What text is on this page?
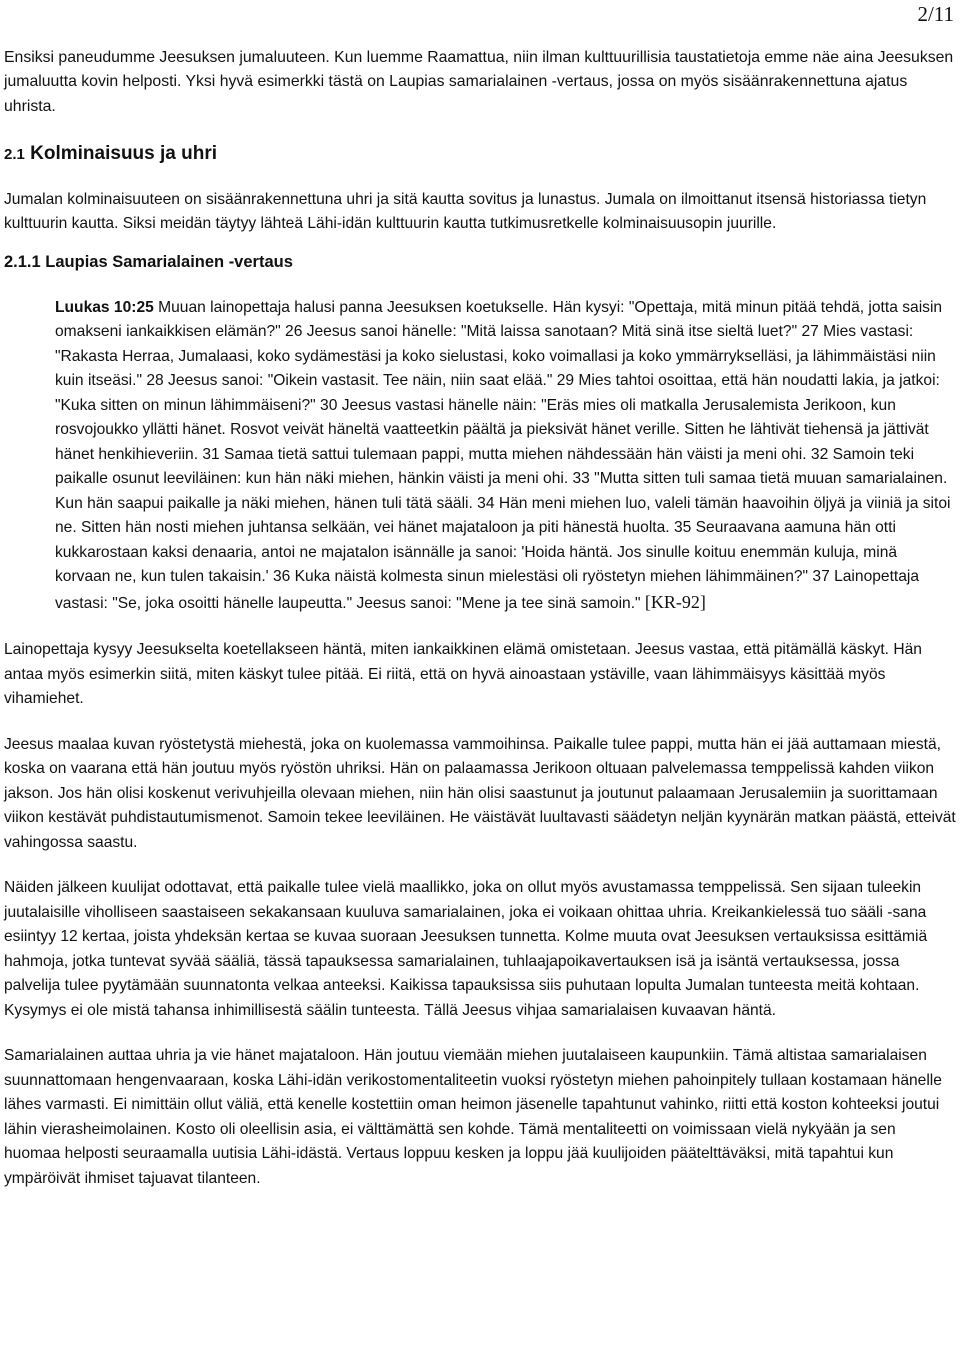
2/11

Ensiksi paneudumme Jeesuksen jumaluuteen. Kun luemme Raamattua, niin ilman kulttuurillisia taustatietoja emme näe aina Jeesuksen jumaluutta kovin helposti. Yksi hyvä esimerkki tästä on Laupias samarialainen -vertaus, jossa on myös sisäänrakennettuna ajatus uhrista.

2.1 Kolminaisuus ja uhri

Jumalan kolminaisuuteen on sisäänrakennettuna uhri ja sitä kautta sovitus ja lunastus. Jumala on ilmoittanut itsensä historiassa tietyn kulttuurin kautta. Siksi meidän täytyy lähteä Lähi-idän kulttuurin kautta tutkimusretkelle kolminaisuusopin juurille.

2.1.1 Laupias Samarialainen -vertaus

Luukas 10:25 Muuan lainopettaja halusi panna Jeesuksen koetukselle. Hän kysyi: "Opettaja, mitä minun pitää tehdä, jotta saisin omakseni iankaikkisen elämän?" 26 Jeesus sanoi hänelle: "Mitä laissa sanotaan? Mitä sinä itse sieltä luet?" 27 Mies vastasi: "Rakasta Herraa, Jumalaasi, koko sydämestäsi ja koko sielustasi, koko voimallasi ja koko ymmärrykselläsi, ja lähimmäistäsi niin kuin itseäsi." 28 Jeesus sanoi: "Oikein vastasit. Tee näin, niin saat elää." 29 Mies tahtoi osoittaa, että hän noudatti lakia, ja jatkoi: "Kuka sitten on minun lähimmäiseni?" 30 Jeesus vastasi hänelle näin: "Eräs mies oli matkalla Jerusalemista Jerikoon, kun rosvojoukko yllätti hänet. Rosvot veivät häneltä vaatteetkin päältä ja pieksivät hänet verille. Sitten he lähtivät tiehensä ja jättivät hänet henkihieveriin. 31 Samaa tietä sattui tulemaan pappi, mutta miehen nähdessään hän väisti ja meni ohi. 32 Samoin teki paikalle osunut leeviläinen: kun hän näki miehen, hänkin väisti ja meni ohi. 33 "Mutta sitten tuli samaa tietä muuan samarialainen. Kun hän saapui paikalle ja näki miehen, hänen tuli tätä sääli. 34 Hän meni miehen luo, valeli tämän haavoihin öljyä ja viiniä ja sitoi ne. Sitten hän nosti miehen juhtansa selkään, vei hänet majataloon ja piti hänestä huolta. 35 Seuraavana aamuna hän otti kukkarostaan kaksi denaaria, antoi ne majatalon isännälle ja sanoi: 'Hoida häntä. Jos sinulle koituu enemmän kuluja, minä korvaan ne, kun tulen takaisin.' 36 Kuka näistä kolmesta sinun mielestäsi oli ryöstetyn miehen lähimmäinen?" 37 Lainopettaja vastasi: "Se, joka osoitti hänelle laupeutta." Jeesus sanoi: "Mene ja tee sinä samoin." [KR-92]

Lainopettaja kysyy Jeesukselta koetellakseen häntä, miten iankaikkinen elämä omistetaan. Jeesus vastaa, että pitämällä käskyt. Hän antaa myös esimerkin siitä, miten käskyt tulee pitää. Ei riitä, että on hyvä ainoastaan ystäville, vaan lähimmäisyys käsittää myös vihamiehet.

Jeesus maalaa kuvan ryöstetystä miehestä, joka on kuolemassa vammoihinsa. Paikalle tulee pappi, mutta hän ei jää auttamaan miestä, koska on vaarana että hän joutuu myös ryöstön uhriksi. Hän on palaamassa Jerikoon oltuaan palvelemassa temppelissä kahden viikon jakson. Jos hän olisi koskenut verivuhjeilla olevaan miehen, niin hän olisi saastunut ja joutunut palaamaan Jerusalemiin ja suorittamaan viikon kestävät puhdistautumismenot. Samoin tekee leeviläinen. He väistävät luultavasti säädetyn neljän kyynärän matkan päästä, etteivät vahingossa saastu.

Näiden jälkeen kuulijat odottavat, että paikalle tulee vielä maallikko, joka on ollut myös avustamassa temppelissä. Sen sijaan tuleekin juutalaisille viholliseen saastaiseen sekakansaan kuuluva samarialainen, joka ei voikaan ohittaa uhria. Kreikankielessä tuo sääli -sana esiintyy 12 kertaa, joista yhdeksän kertaa se kuvaa suoraan Jeesuksen tunnetta. Kolme muuta ovat Jeesuksen vertauksissa esittämiä hahmoja, jotka tuntevat syvää sääliä, tässä tapauksessa samarialainen, tuhlaajapoikavertauksen isä ja isäntä vertauksessa, jossa palvelija tulee pyytämään suunnatonta velkaa anteeksi. Kaikissa tapauksissa siis puhutaan lopulta Jumalan tunteesta meitä kohtaan. Kysymys ei ole mistä tahansa inhimillisestä säälin tunteesta. Tällä Jeesus vihjaa samarialaisen kuvaavan häntä.

Samarialainen auttaa uhria ja vie hänet majataloon. Hän joutuu viemään miehen juutalaiseen kaupunkiin. Tämä altistaa samarialaisen suunnattomaan hengenvaaraan, koska Lähi-idän verikostomentaliteetin vuoksi ryöstetyn miehen pahoinpitely tullaan kostamaan hänelle lähes varmasti. Ei nimittäin ollut väliä, että kenelle kostettiin oman heimon jäsenelle tapahtunut vahinko, riitti että koston kohteeksi joutui lähin vierasheimolainen. Kosto oli oleellisin asia, ei välttämättä sen kohde. Tämä mentaliteetti on voimissaan vielä nykyään ja sen huomaa helposti seuraamalla uutisia Lähi-idästä. Vertaus loppuu kesken ja loppu jää kuulijoiden päätelttäväksi, mitä tapahtui kun ympäröivät ihmiset tajuavat tilanteen.
